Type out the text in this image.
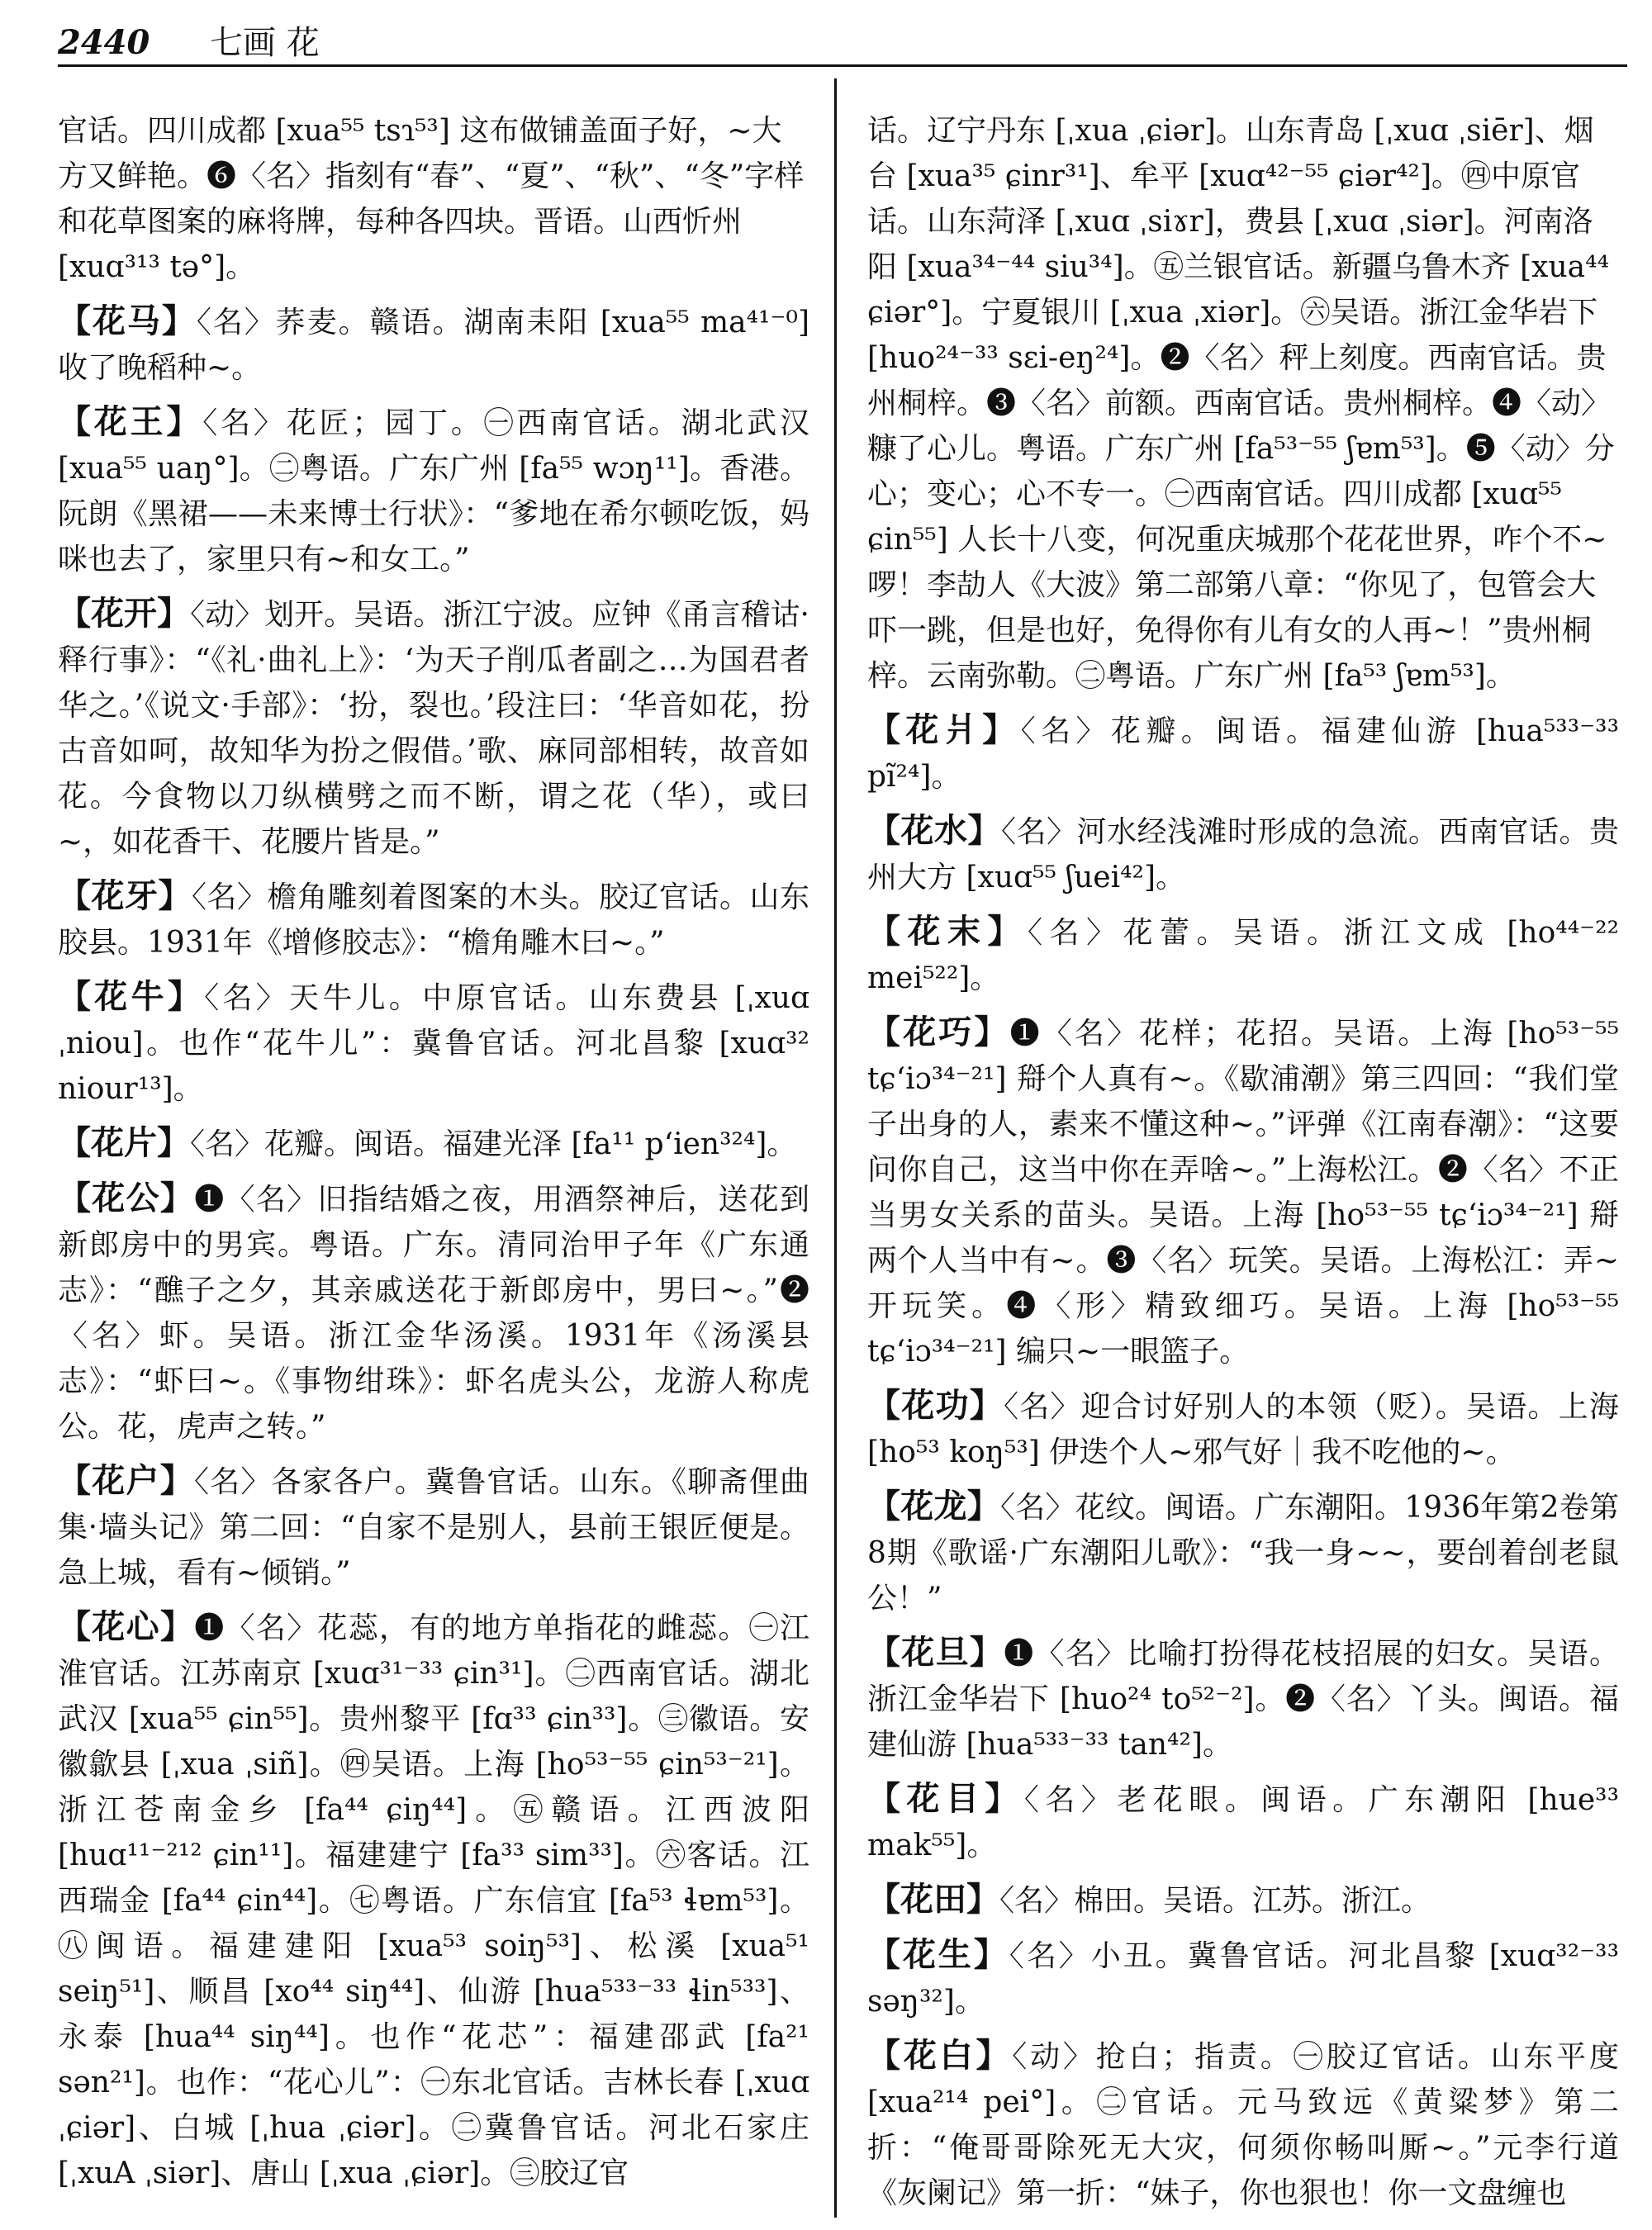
2440 七画 花

官话。四川成都 [xua⁵⁵ tsɿ⁵³] 这布做铺盖面子好，~大方又鲜艳。❻〈名〉指刻有“春”、“夏”、“秋”、“冬”字样和花草图案的麻将牌，每种各四块。晋语。山西忻州 [xuɑ³¹³ tə°]。

【花马】〈名〉荞麦。赣语。湖南耒阳 [xua⁵⁵ ma⁴¹⁻⁰] 收了晚稻种~。

【花王】〈名〉花匠；园丁。㊀西南官话。湖北武汉 [xua⁵⁵ uaŋ°]。㊁粤语。广东广州 [fa⁵⁵ wɔŋ¹¹]。香港。阮朗《黑裙——未来博士行状》：“爹地在希尔顿吃饭，妈咪也去了，家里只有~和女工。”

【花开】〈动〉划开。吴语。浙江宁波。应钟《甬言稽诂·释行事》：“《礼·曲礼上》：‘为天子削瓜者副之…为国君者华之。’《说文·手部》：‘扮，裂也。’段注曰：‘华音如花，扮古音如呵，故知华为扮之假借。’歌、麻同部相转，故音如花。今食物以刀纵横劈之而不断，谓之花（华），或曰~，如花香干、花腰片皆是。”

【花牙】〈名〉檐角雕刻着图案的木头。胶辽官话。山东胶县。1931年《增修胶志》：“檐角雕木曰~。”

【花牛】〈名〉天牛儿。中原官话。山东费县 [ˌxuɑ ˌniou]。也作“花牛儿”：冀鲁官话。河北昌黎 [xuɑ³² niour¹³]。

【花片】〈名〉花瓣。闽语。福建光泽 [fa¹¹ pʻien³²⁴]。

【花公】❶〈名〉旧指结婚之夜，用酒祭神后，送花到新郎房中的男宾。粤语。广东。清同治甲子年《广东通志》：“醮子之夕，其亲戚送花于新郎房中，男曰~。”❷〈名〉虾。吴语。浙江金华汤溪。1931年《汤溪县志》：“虾曰~。《事物绀珠》：虾名虎头公，龙游人称虎公。花，虎声之转。”

【花户】〈名〉各家各户。冀鲁官话。山东。《聊斋俚曲集·墙头记》第二回：“自家不是别人，县前王银匠便是。急上城，看有~倾销。”

【花心】❶〈名〉花蕊，有的地方单指花的雌蕊。㊀江淮官话。江苏南京 [xuɑ³¹⁻³³ ɕin³¹]。㊁西南官话。湖北武汉 [xua⁵⁵ ɕin⁵⁵]。贵州黎平 [fɑ³³ ɕin³³]。㊂徽语。安徽歙县 [ˌxua ˌsiñ]。㊃吴语。上海 [ho⁵³⁻⁵⁵ ɕin⁵³⁻²¹]。浙江苍南金乡 [fa⁴⁴ ɕiŋ⁴⁴]。㊄赣语。江西波阳 [huɑ¹¹⁻²¹² ɕin¹¹]。福建建宁 [fa³³ sim³³]。㊅客话。江西瑞金 [fa⁴⁴ ɕin⁴⁴]。㊆粤语。广东信宜 [fa⁵³ ɬɐm⁵³]。㊇闽语。福建建阳 [xua⁵³ soiŋ⁵³]、松溪 [xua⁵¹ seiŋ⁵¹]、顺昌 [xo⁴⁴ siŋ⁴⁴]、仙游 [hua⁵³³⁻³³ ɬin⁵³³]、永泰 [hua⁴⁴ siŋ⁴⁴]。也作“花芯”：福建邵武 [fa²¹ sən²¹]。也作：“花心儿”：㊀东北官话。吉林长春 [ˌxuɑ ˌɕiər]、白城 [ˌhua ˌɕiər]。㊁冀鲁官话。河北石家庄 [ˌxuA ˌsiər]、唐山 [ˌxua ˌɕiər]。㊂胶辽官

话。辽宁丹东 [ˌxua ˌɕiər]。山东青岛 [ˌxuɑ ˌsiēr]、烟台 [xua³⁵ ɕinr³¹]、牟平 [xuɑ⁴²⁻⁵⁵ ɕiər⁴²]。㊃中原官话。山东菏泽 [ˌxuɑ ˌsiɤr]，费县 [ˌxuɑ ˌsiər]。河南洛阳 [xua³⁴⁻⁴⁴ siu³⁴]。㊄兰银官话。新疆乌鲁木齐 [xua⁴⁴ ɕiər°]。宁夏银川 [ˌxua ˌxiər]。㊅吴语。浙江金华岩下 [huo²⁴⁻³³ sɛi-eŋ²⁴]。❷〈名〉秤上刻度。西南官话。贵州桐梓。❸〈名〉前额。西南官话。贵州桐梓。❹〈动〉糠了心儿。粤语。广东广州 [fa⁵³⁻⁵⁵ ʃɐm⁵³]。❺〈动〉分心；变心；心不专一。㊀西南官话。四川成都 [xuɑ⁵⁵ ɕin⁵⁵] 人长十八变，何况重庆城那个花花世界，咋个不~啰！李劼人《大波》第二部第八章：“你见了，包管会大吓一跳，但是也好，免得你有儿有女的人再~！”贵州桐梓。云南弥勒。㊁粤语。广东广州 [fa⁵³ ʃɐm⁵³]。

【花爿】〈名〉花瓣。闽语。福建仙游 [hua⁵³³⁻³³ pĩ²⁴]。

【花水】〈名〉河水经浅滩时形成的急流。西南官话。贵州大方 [xuɑ⁵⁵ ʃuei⁴²]。

【花末】〈名〉花蕾。吴语。浙江文成 [ho⁴⁴⁻²² mei⁵²²]。

【花巧】❶〈名〉花样；花招。吴语。上海 [ho⁵³⁻⁵⁵ tɕʻiɔ³⁴⁻²¹] 搿个人真有~。《歇浦潮》第三四回：“我们堂子出身的人，素来不懂这种~。”评弹《江南春潮》：“这要问你自己，这当中你在弄啥~。”上海松江。❷〈名〉不正当男女关系的苗头。吴语。上海 [ho⁵³⁻⁵⁵ tɕʻiɔ³⁴⁻²¹] 搿两个人当中有~。❸〈名〉玩笑。吴语。上海松江：弄~开玩笑。❹〈形〉精致细巧。吴语。上海 [ho⁵³⁻⁵⁵ tɕʻiɔ³⁴⁻²¹] 编只~一眼篮子。

【花功】〈名〉迎合讨好别人的本领（贬）。吴语。上海 [ho⁵³ koŋ⁵³] 伊迭个人~邪气好｜我不吃他的~。

【花龙】〈名〉花纹。闽语。广东潮阳。1936年第2卷第8期《歌谣·广东潮阳儿歌》：“我一身~~，要刣着刣老鼠公！”

【花旦】❶〈名〉比喻打扮得花枝招展的妇女。吴语。浙江金华岩下 [huo²⁴ to⁵²⁻²]。❷〈名〉丫头。闽语。福建仙游 [hua⁵³³⁻³³ tan⁴²]。

【花目】〈名〉老花眼。闽语。广东潮阳 [hue³³ mak⁵⁵]。

【花田】〈名〉棉田。吴语。江苏。浙江。

【花生】〈名〉小丑。冀鲁官话。河北昌黎 [xuɑ³²⁻³³ səŋ³²]。

【花白】〈动〉抢白；指责。㊀胶辽官话。山东平度 [xua²¹⁴ pei°]。㊁官话。元马致远《黄粱梦》第二折：“俺哥哥除死无大灾，何须你畅叫厮~。”元李行道《灰阑记》第一折：“妹子，你也狠也！你一文盘缠也
